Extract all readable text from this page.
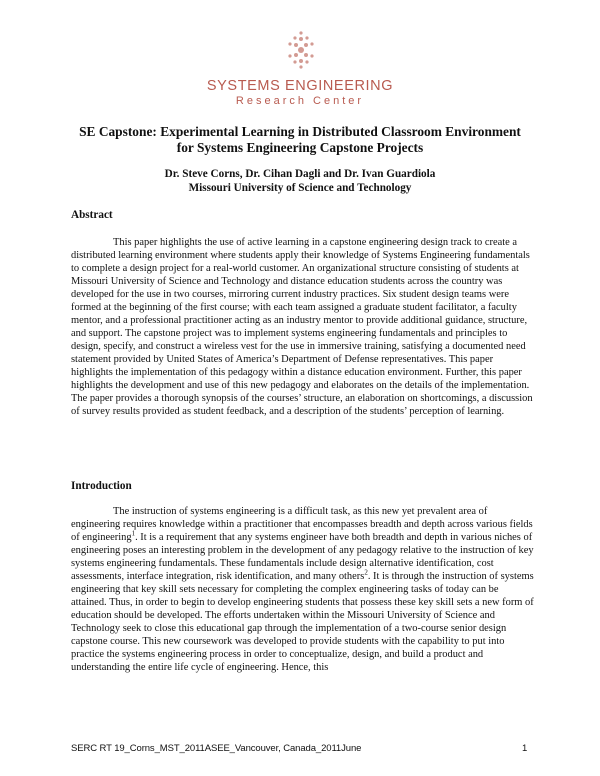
SYSTEMS ENGINEERING
Research Center
SE Capstone: Experimental Learning in Distributed Classroom Environment
for Systems Engineering Capstone Projects
Dr. Steve Corns, Dr. Cihan Dagli and Dr. Ivan Guardiola
Missouri University of Science and Technology
Abstract

This paper highlights the use of active learning in a capstone engineering design track to create a distributed learning environment where students apply their knowledge of Systems Engineering fundamentals to complete a design project for a real-world customer. An organizational structure consisting of students at Missouri University of Science and Technology and distance education students across the country was developed for the use in two courses, mirroring current industry practices. Six student design teams were formed at the beginning of the first course; with each team assigned a graduate student facilitator, a faculty mentor, and a professional practitioner acting as an industry mentor to provide additional guidance, structure, and support. The capstone project was to implement systems engineering fundamentals and principles to design, specify, and construct a wireless vest for the use in immersive training, satisfying a documented need statement provided by United States of America’s Department of Defense representatives. This paper highlights the implementation of this pedagogy within a distance education environment. Further, this paper highlights the development and use of this new pedagogy and elaborates on the details of the implementation. The paper provides a thorough synopsis of the courses’ structure, an elaboration on shortcomings, a discussion of survey results provided as student feedback, and a description of the students’ perception of learning.

Introduction

The instruction of systems engineering is a difficult task, as this new yet prevalent area of engineering requires knowledge within a practitioner that encompasses breadth and depth across various fields of engineering$^1$. It is a requirement that any systems engineer have both breadth and depth in various niches of engineering poses an interesting problem in the development of any pedagogy relative to the instruction of key systems engineering fundamentals. These fundamentals include design alternative identification, cost assessments, interface integration, risk identification, and many others$^2$. It is through the instruction of systems engineering that key skill sets necessary for completing the complex engineering tasks of today can be attained. Thus, in order to begin to develop engineering students that possess these key skill sets a new form of education should be developed. The efforts undertaken within the Missouri University of Science and Technology seek to close this educational gap through the implementation of a two-course senior design capstone course. This new coursework was developed to provide students with the capability to put into practice the systems engineering process in order to conceptualize, design, and build a product and understanding the entire life cycle of engineering. Hence, this

SERC RT 19_Corns_MST_2011ASEE_Vancouver, Canada_2011June	1
